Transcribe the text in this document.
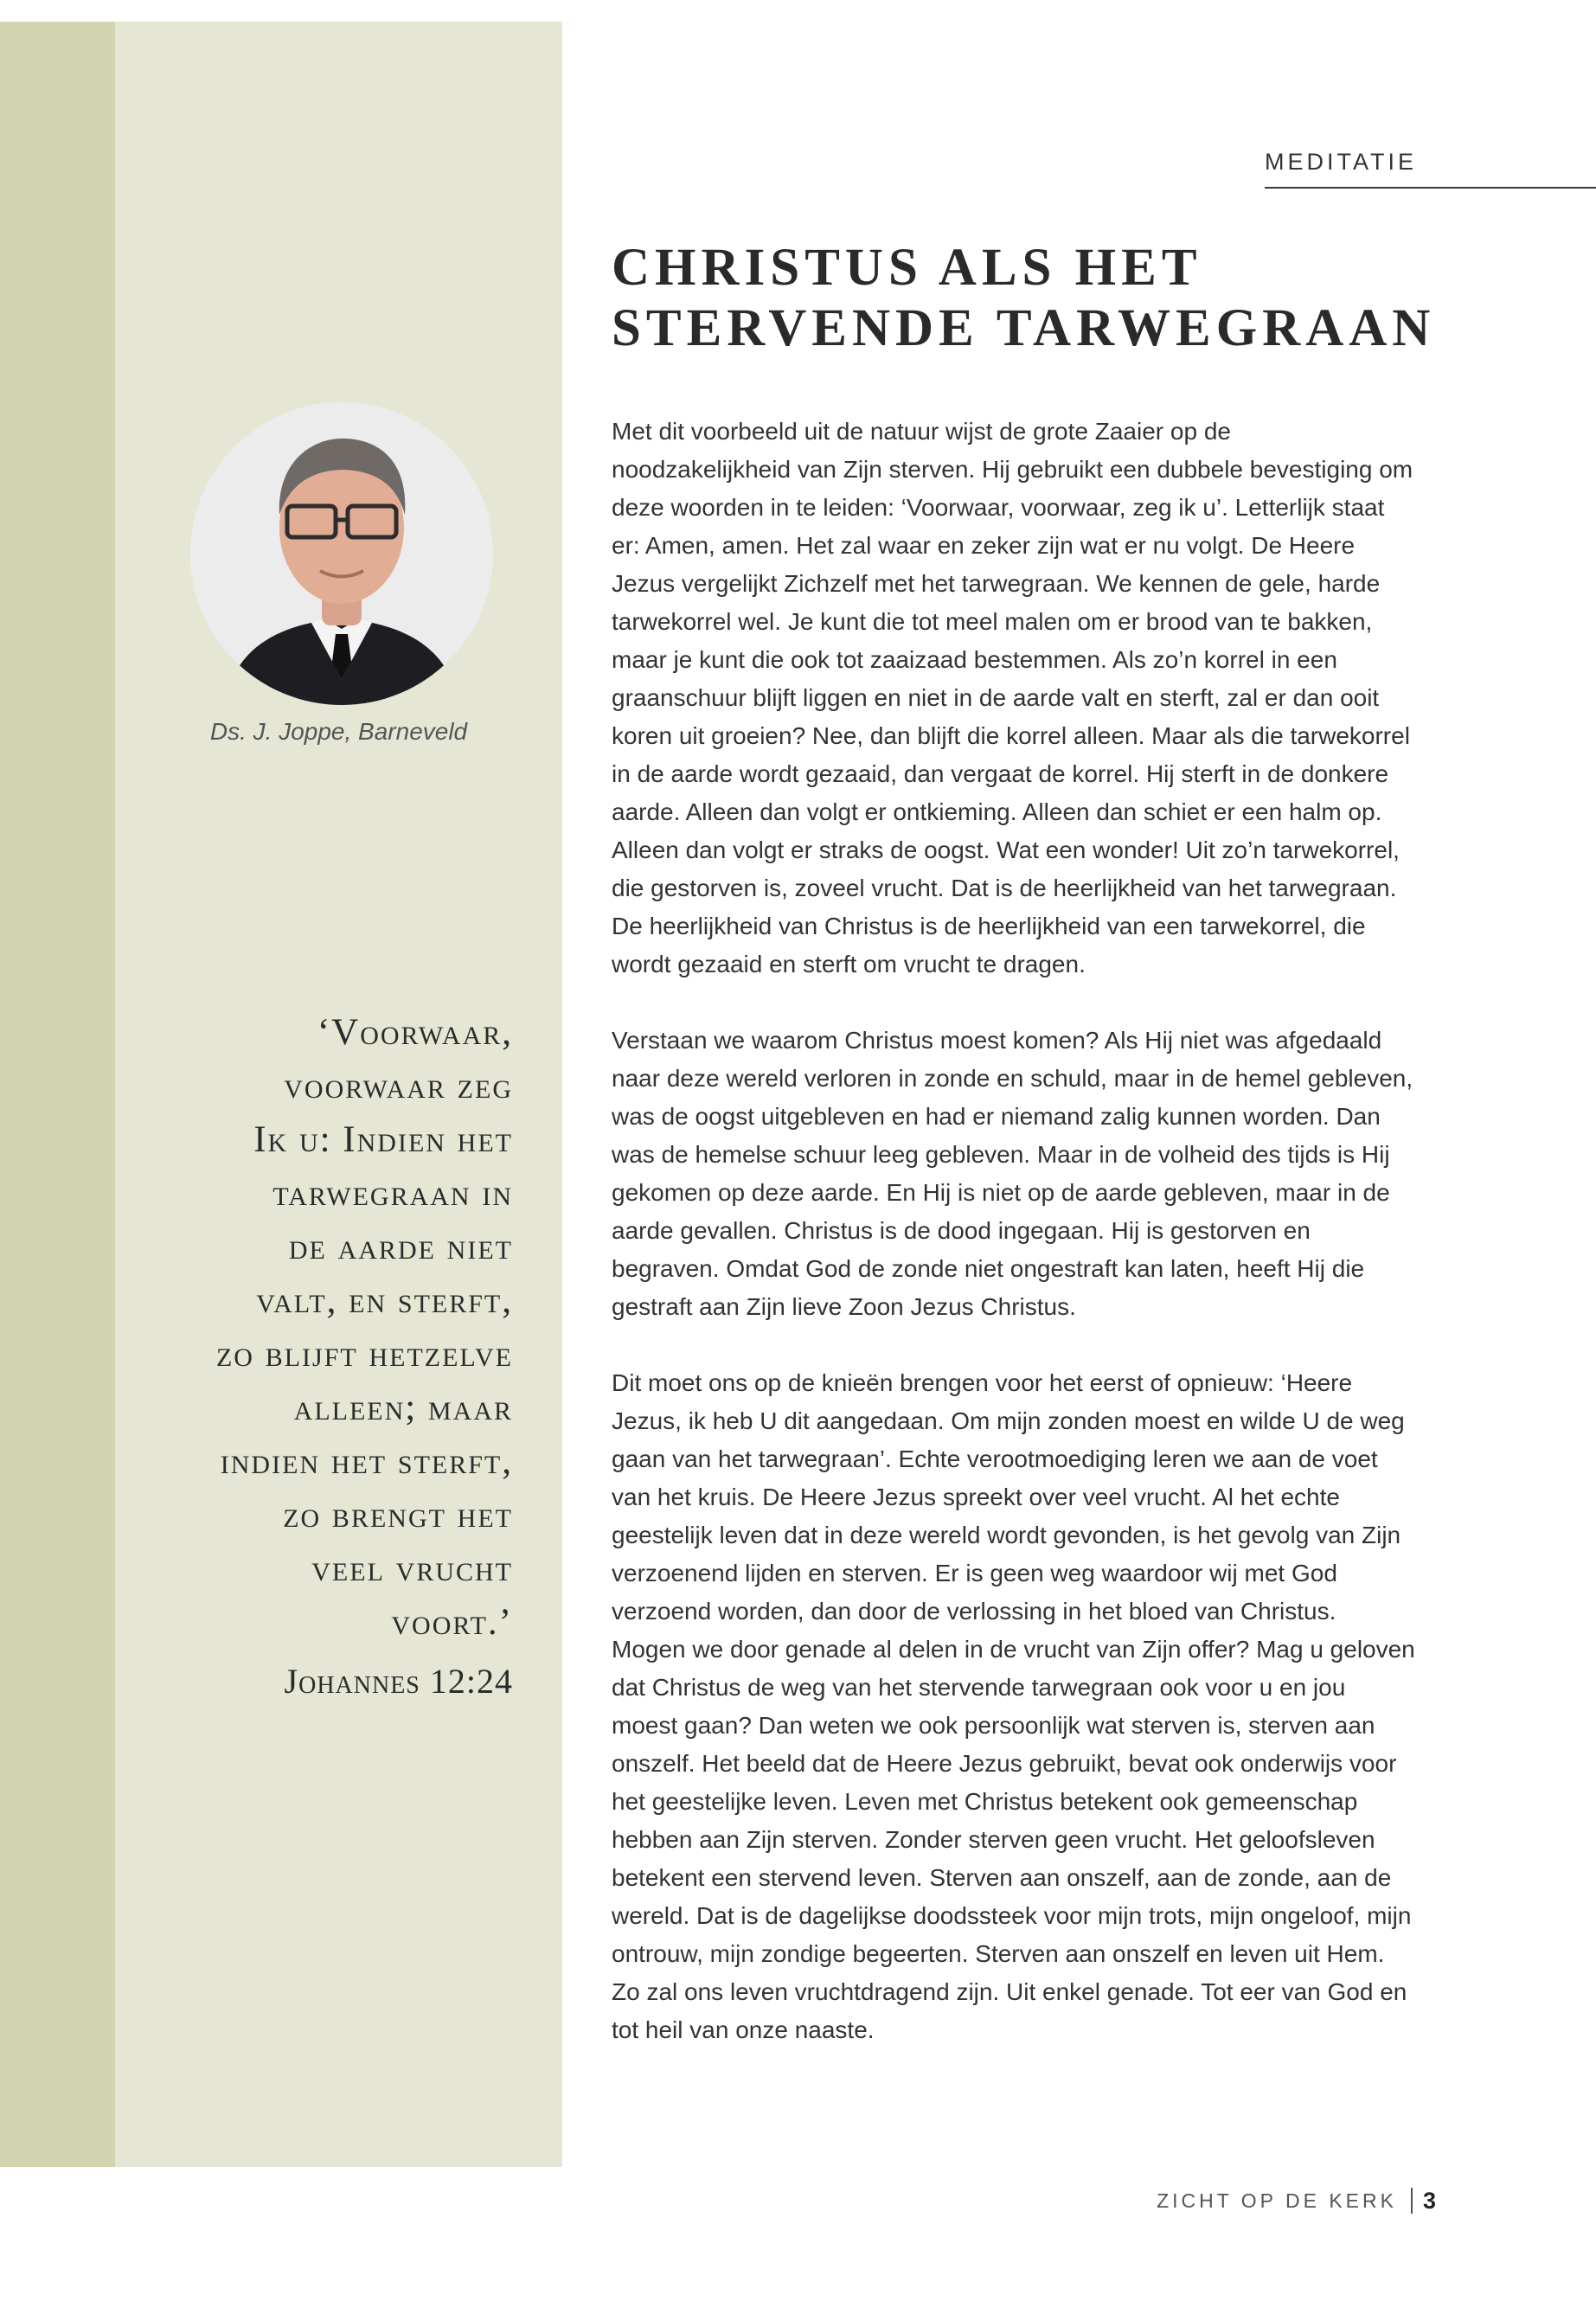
MEDITATIE
CHRISTUS ALS HET
STERVENDE TARWEGRAAN
Ds. J. Joppe, Barneveld
‘Voorwaar,
voorwaar zeg
Ik u: Indien het
tarwegraan in
de aarde niet
valt, en sterft,
zo blijft hetzelve
alleen; maar
indien het sterft,
zo brengt het
veel vrucht
voort.’
Johannes 12:24

Met dit voorbeeld uit de natuur wijst de grote Zaaier op de noodzakelijkheid van Zijn sterven. Hij gebruikt een dubbele bevestiging om deze woorden in te leiden: ‘Voorwaar, voorwaar, zeg ik u’. Letterlijk staat er: Amen, amen. Het zal waar en zeker zijn wat er nu volgt. De Heere Jezus vergelijkt Zichzelf met het tarwegraan. We kennen de gele, harde tarwekorrel wel. Je kunt die tot meel malen om er brood van te bakken, maar je kunt die ook tot zaaizaad bestemmen. Als zo’n korrel in een graanschuur blijft liggen en niet in de aarde valt en sterft, zal er dan ooit koren uit groeien? Nee, dan blijft die korrel alleen. Maar als die tarwekorrel in de aarde wordt gezaaid, dan vergaat de korrel. Hij sterft in de donkere aarde. Alleen dan volgt er ontkieming. Alleen dan schiet er een halm op. Alleen dan volgt er straks de oogst. Wat een wonder! Uit zo’n tarwekorrel, die gestorven is, zoveel vrucht. Dat is de heerlijkheid van het tarwegraan. De heerlijkheid van Christus is de heerlijkheid van een tarwekorrel, die wordt gezaaid en sterft om vrucht te dragen.

Verstaan we waarom Christus moest komen? Als Hij niet was afgedaald naar deze wereld verloren in zonde en schuld, maar in de hemel gebleven, was de oogst uitgebleven en had er niemand zalig kunnen worden. Dan was de hemelse schuur leeg gebleven. Maar in de volheid des tijds is Hij gekomen op deze aarde. En Hij is niet op de aarde gebleven, maar in de aarde gevallen. Christus is de dood ingegaan. Hij is gestorven en begraven. Omdat God de zonde niet ongestraft kan laten, heeft Hij die gestraft aan Zijn lieve Zoon Jezus Christus.

Dit moet ons op de knieën brengen voor het eerst of opnieuw: ‘Heere Jezus, ik heb U dit aangedaan. Om mijn zonden moest en wilde U de weg gaan van het tarwegraan’. Echte verootmoediging leren we aan de voet van het kruis. De Heere Jezus spreekt over veel vrucht. Al het echte geestelijk leven dat in deze wereld wordt gevonden, is het gevolg van Zijn verzoenend lijden en sterven. Er is geen weg waardoor wij met God verzoend worden, dan door de verlossing in het bloed van Christus. Mogen we door genade al delen in de vrucht van Zijn offer? Mag u geloven dat Christus de weg van het stervende tarwegraan ook voor u en jou moest gaan? Dan weten we ook persoonlijk wat sterven is, sterven aan onszelf. Het beeld dat de Heere Jezus gebruikt, bevat ook onderwijs voor het geestelijke leven. Leven met Christus betekent ook gemeenschap hebben aan Zijn sterven. Zonder sterven geen vrucht. Het geloofsleven betekent een stervend leven. Sterven aan onszelf, aan de zonde, aan de wereld. Dat is de dagelijkse doodssteek voor mijn trots, mijn ongeloof, mijn ontrouw, mijn zondige begeerten. Sterven aan onszelf en leven uit Hem. Zo zal ons leven vruchtdragend zijn. Uit enkel genade. Tot eer van God en tot heil van onze naaste.

ZICHT OP DE KERK 3
